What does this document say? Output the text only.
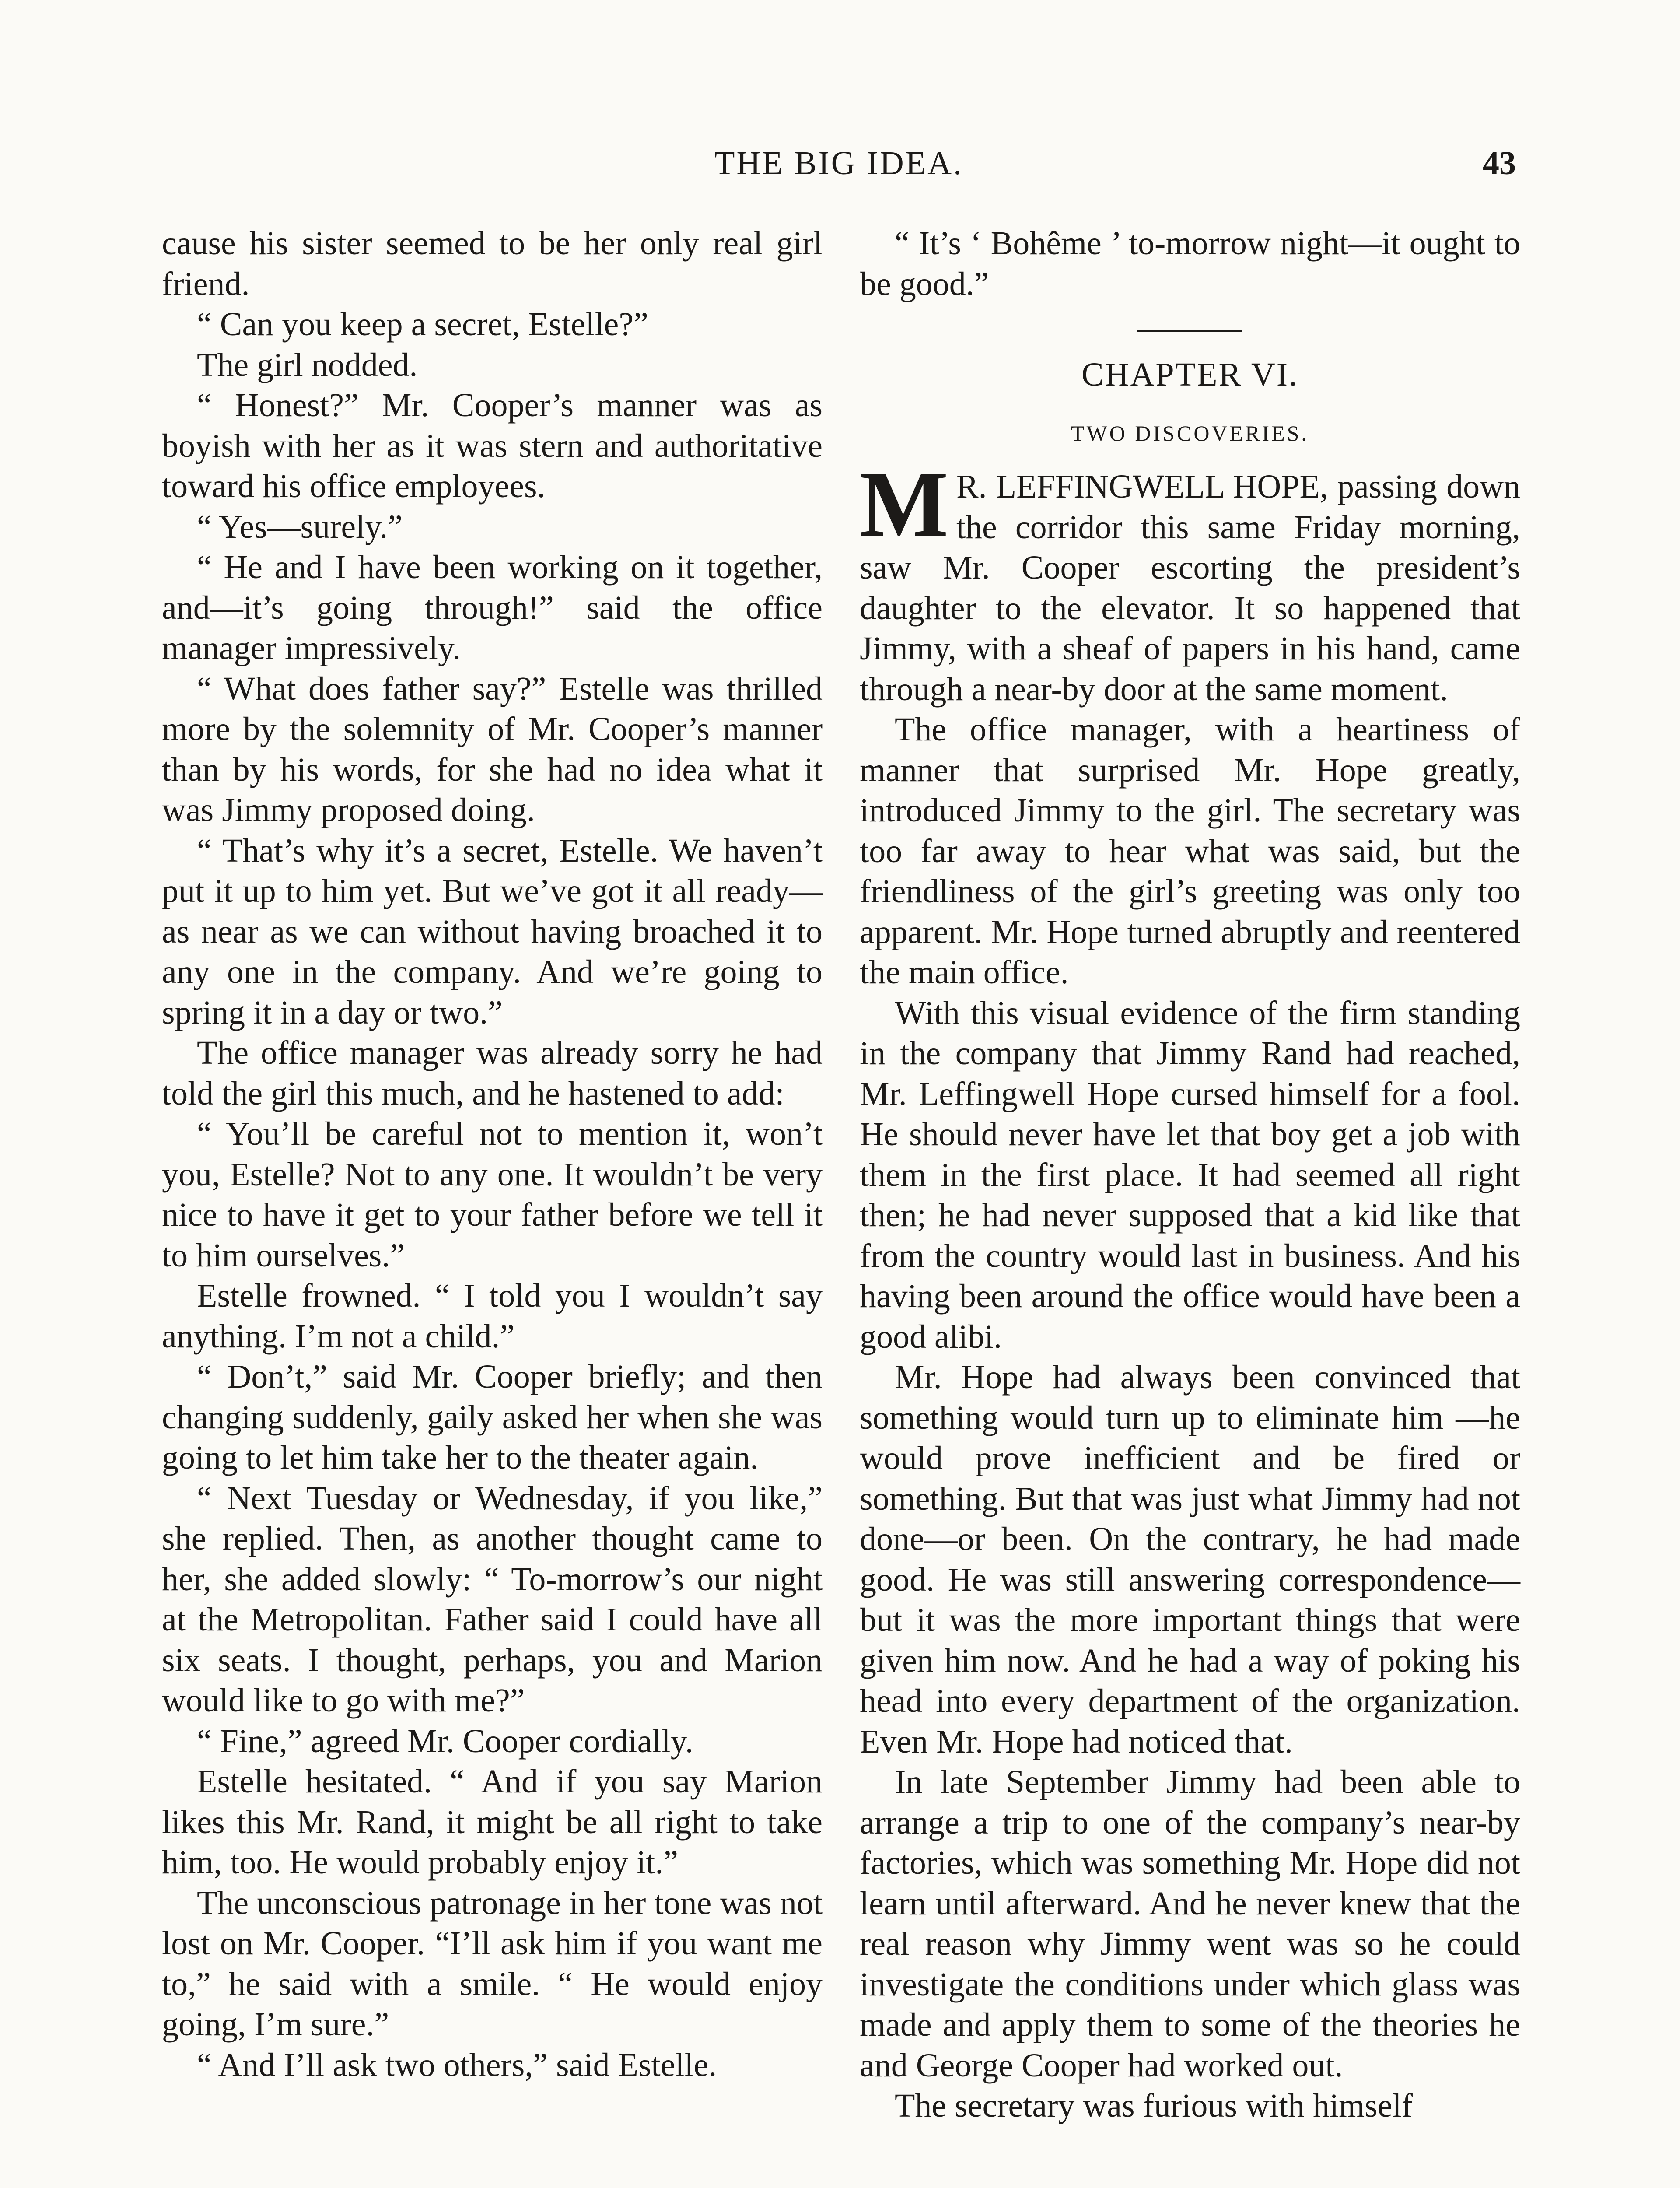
THE BIG IDEA.	43

cause his sister seemed to be her only real girl friend.

“ Can you keep a secret, Estelle?”

The girl nodded.

“ Honest?” Mr. Cooper’s manner was as boyish with her as it was stern and authoritative toward his office employees.

“ Yes—surely.”

“ He and I have been working on it together, and—it’s going through!” said the office manager impressively.

“ What does father say?” Estelle was thrilled more by the solemnity of Mr. Cooper’s manner than by his words, for she had no idea what it was Jimmy proposed doing.

“ That’s why it’s a secret, Estelle. We haven’t put it up to him yet. But we’ve got it all ready—as near as we can without having broached it to any one in the company. And we’re going to spring it in a day or two.”

The office manager was already sorry he had told the girl this much, and he hastened to add:

“ You’ll be careful not to mention it, won’t you, Estelle? Not to any one. It wouldn’t be very nice to have it get to your father before we tell it to him ourselves.”

Estelle frowned. “ I told you I wouldn’t say anything. I’m not a child.”

“ Don’t,” said Mr. Cooper briefly; and then changing suddenly, gaily asked her when she was going to let him take her to the theater again.

“ Next Tuesday or Wednesday, if you like,” she replied. Then, as another thought came to her, she added slowly: “ To-morrow’s our night at the Metropolitan. Father said I could have all six seats. I thought, perhaps, you and Marion would like to go with me?”

“ Fine,” agreed Mr. Cooper cordially.

Estelle hesitated. “ And if you say Marion likes this Mr. Rand, it might be all right to take him, too. He would probably enjoy it.”

The unconscious patronage in her tone was not lost on Mr. Cooper. “I’ll ask him if you want me to,” he said with a smile. “ He would enjoy going, I’m sure.”

“ And I’ll ask two others,” said Estelle.

“ It’s ‘ Bohême ’ to-morrow night—it ought to be good.”

CHAPTER VI.
TWO DISCOVERIES.

M R. LEFFINGWELL HOPE, passing down the corridor this same Friday morning, saw Mr. Cooper escorting the president’s daughter to the elevator. It so happened that Jimmy, with a sheaf of papers in his hand, came through a near-by door at the same moment.

The office manager, with a heartiness of manner that surprised Mr. Hope greatly, introduced Jimmy to the girl. The secretary was too far away to hear what was said, but the friendliness of the girl’s greeting was only too apparent. Mr. Hope turned abruptly and reentered the main office.

With this visual evidence of the firm standing in the company that Jimmy Rand had reached, Mr. Leffingwell Hope cursed himself for a fool. He should never have let that boy get a job with them in the first place. It had seemed all right then; he had never supposed that a kid like that from the country would last in business. And his having been around the office would have been a good alibi.

Mr. Hope had always been convinced that something would turn up to eliminate him —he would prove inefficient and be fired or something. But that was just what Jimmy had not done—or been. On the contrary, he had made good. He was still answering correspondence—but it was the more important things that were given him now. And he had a way of poking his head into every department of the organization. Even Mr. Hope had noticed that.

In late September Jimmy had been able to arrange a trip to one of the company’s near-by factories, which was something Mr. Hope did not learn until afterward. And he never knew that the real reason why Jimmy went was so he could investigate the conditions under which glass was made and apply them to some of the theories he and George Cooper had worked out.

The secretary was furious with himself
